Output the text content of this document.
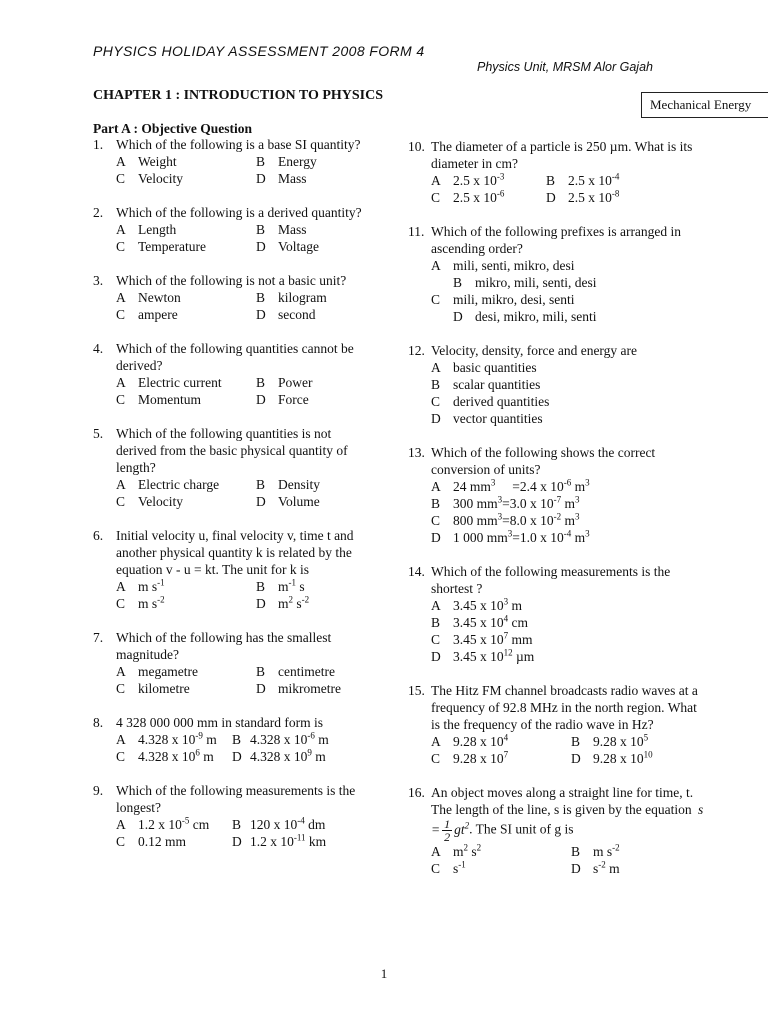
PHYSICS HOLIDAY ASSESSMENT 2008 FORM 4
Physics Unit, MRSM Alor Gajah
CHAPTER 1 : INTRODUCTION TO PHYSICS
Mechanical Energy
Part A : Objective Question
1. Which of the following is a base SI quantity?
A Weight	B Energy
C Velocity	D Mass
2. Which of the following is a derived quantity?
A Length	B Mass
C Temperature	D Voltage
3. Which of the following is not a basic unit?
A Newton	B kilogram
C ampere	D second
4. Which of the following quantities cannot be derived?
A Electric current	B Power
C Momentum	D Force
5. Which of the following quantities is not derived from the basic physical quantity of length?
A Electric charge	B Density
C Velocity	D Volume
6. Initial velocity u, final velocity v, time t and another physical quantity k is related by the equation v - u = kt. The unit for k is
A m $s^{-1}$	B $m^{-1}$ s
C m $s^{-2}$	D $m^2$ $s^{-2}$
7. Which of the following has the smallest magnitude?
A megametre	B centimetre
C kilometre	D mikrometre
8. 4 328 000 000 mm in standard form is
A 4.328 x $10^{-9}$ m	B 4.328 x $10^{-6}$ m
C 4.328 x $10^6$ m	D 4.328 x $10^9$ m
9. Which of the following measurements is the longest?
A 1.2 x $10^{-5}$ cm	B 120 x $10^{-4}$ dm
C 0.12 mm	D 1.2 x $10^{-11}$ km
10. The diameter of a particle is 250 µm. What is its diameter in cm?
A 2.5 x $10^{-3}$	B 2.5 x $10^{-4}$
C 2.5 x $10^{-6}$	D 2.5 x $10^{-8}$
11. Which of the following prefixes is arranged in ascending order?
A mili, senti, mikro, desi
B mikro, mili, senti, desi
C mili, mikro, desi, senti
D desi, mikro, mili, senti
12. Velocity, density, force and energy are
A basic quantities
B scalar quantities
C derived quantities
D vector quantities
13. Which of the following shows the correct conversion of units?
A 24 $mm^3$     =2.4 x $10^{-6}$ $m^3$
B 300 $mm^3=3.0$ x $10^{-7}$ $m^3$
C 800 $mm^3=8.0$ x $10^{-2}$ $m^3$
D 1 000 $mm^3=1.0$ x $10^{-4}$ $m^3$
14. Which of the following measurements is the shortest ?
A 3.45 x $10^3$ m
B 3.45 x $10^4$ cm
C 3.45 x $10^7$ mm
D 3.45 x $10^{12}$ µm
15. The Hitz FM channel broadcasts radio waves at a frequency of 92.8 MHz in the north region. What is the frequency of the radio wave in Hz?
A 9.28 x $10^4$	B 9.28 x $10^5$
C 9.28 x $10^7$	D 9.28 x $10^{10}$
16. An object moves along a straight line for time, t. The length of the line, s is given by the equation $s = \frac{1}{2} gt^2$. The SI unit of g is
A $m^2$ $s^2$	B m $s^{-2}$
C $s^{-1}$	D $s^{-2}$ m
1
